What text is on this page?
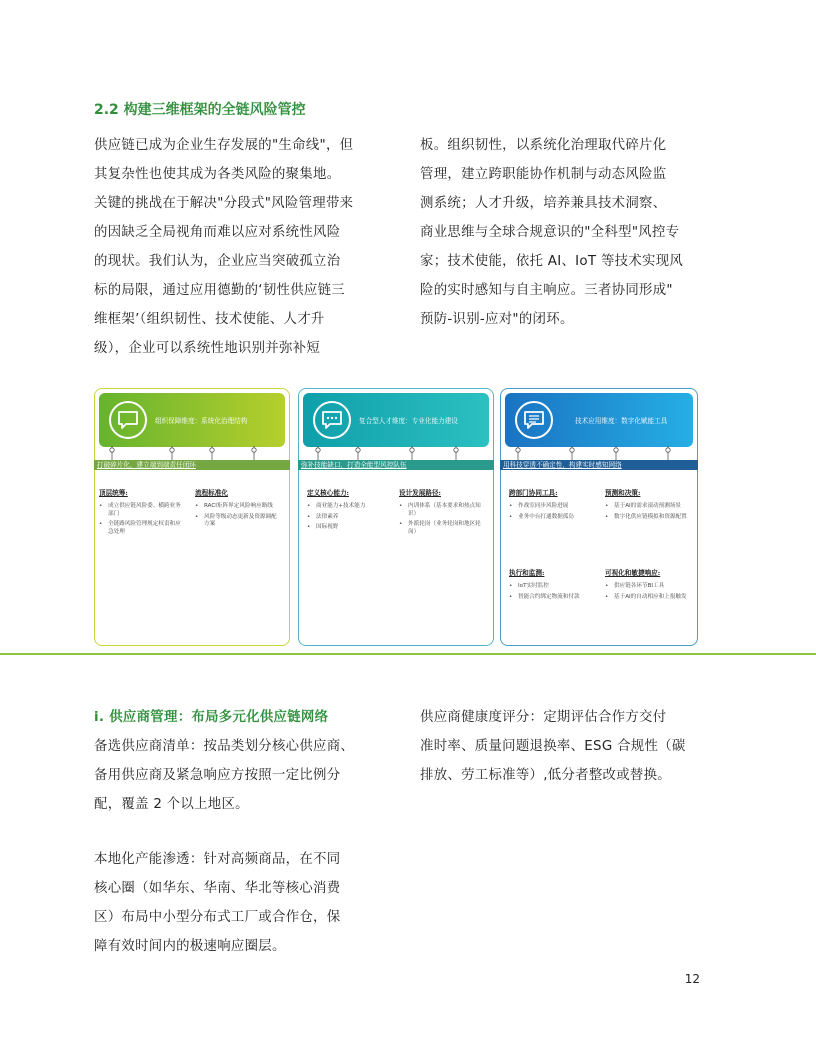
2.2 构建三维框架的全链风险管控
供应链已成为企业生存发展的"生命线"，但
其复杂性也使其成为各类风险的聚集地。
关键的挑战在于解决"分段式"风险管理带来
的因缺乏全局视角而难以应对系统性风险
的现状。我们认为，企业应当突破孤立治
标的局限，通过应用德勤的‘韧性供应链三
维框架’（组织韧性、技术使能、人才升
级），企业可以系统性地识别并弥补短
板。组织韧性，以系统化治理取代碎片化
管理，建立跨职能协作机制与动态风险监
测系统；人才升级，培养兼具技术洞察、
商业思维与全球合规意识的"全科型"风控专
家；技术使能，依托 AI、IoT 等技术实现风
险的实时感知与自主响应。三者协同形成"
预防-识别-应对"的闭环。
组织保障维度：系统化治理结构
顶层统筹:
• 成立供应链风险委、横跨业务部门
• 全链路风险管理规定权责和应急处理
流程标准化
• RACI矩阵界定风险响应路线
• 风险等级动态更新及资源调配方案
复合型人才维度：专业化能力建设
定义核心能力:
• 商业能力+技术能力
• 法律素养
• 国际视野
设计发展路径:
• 内训体系（基本要求和热点知识）
• 外派轮岗（业务轮岗和地区轮岗）
技术应用维度：数字化赋能工具
跨部门协同工具:
• 作战室同步风险进展
• 业务中台打通数据孤岛
预测和决策:
• 基于AI的需求滚动预测场景
• 数字化供应链模拟和资源配置
执行和监测:
• IoT实时监控
• 智能合约绑定物流和付款
可视化和敏捷响应:
• 供应链各环节BI工具
• 基于AI的自动相应和上报触发
打破碎片化，建立端到端责任闭环	弥补技能缺口，打造全能型风控队伍	用科技穿透不确定性，构建实时感知网络
i. 供应商管理：布局多元化供应链网络
备选供应商清单：按品类划分核心供应商、
备用供应商及紧急响应方按照一定比例分
配，覆盖 2 个以上地区。
本地化产能渗透：针对高频商品，在不同
核心圈（如华东、华南、华北等核心消费
区）布局中小型分布式工厂或合作仓，保
障有效时间内的极速响应圈层。
供应商健康度评分：定期评估合作方交付
准时率、质量问题退换率、ESG 合规性（碳
排放、劳工标准等）,低分者整改或替换。
12
